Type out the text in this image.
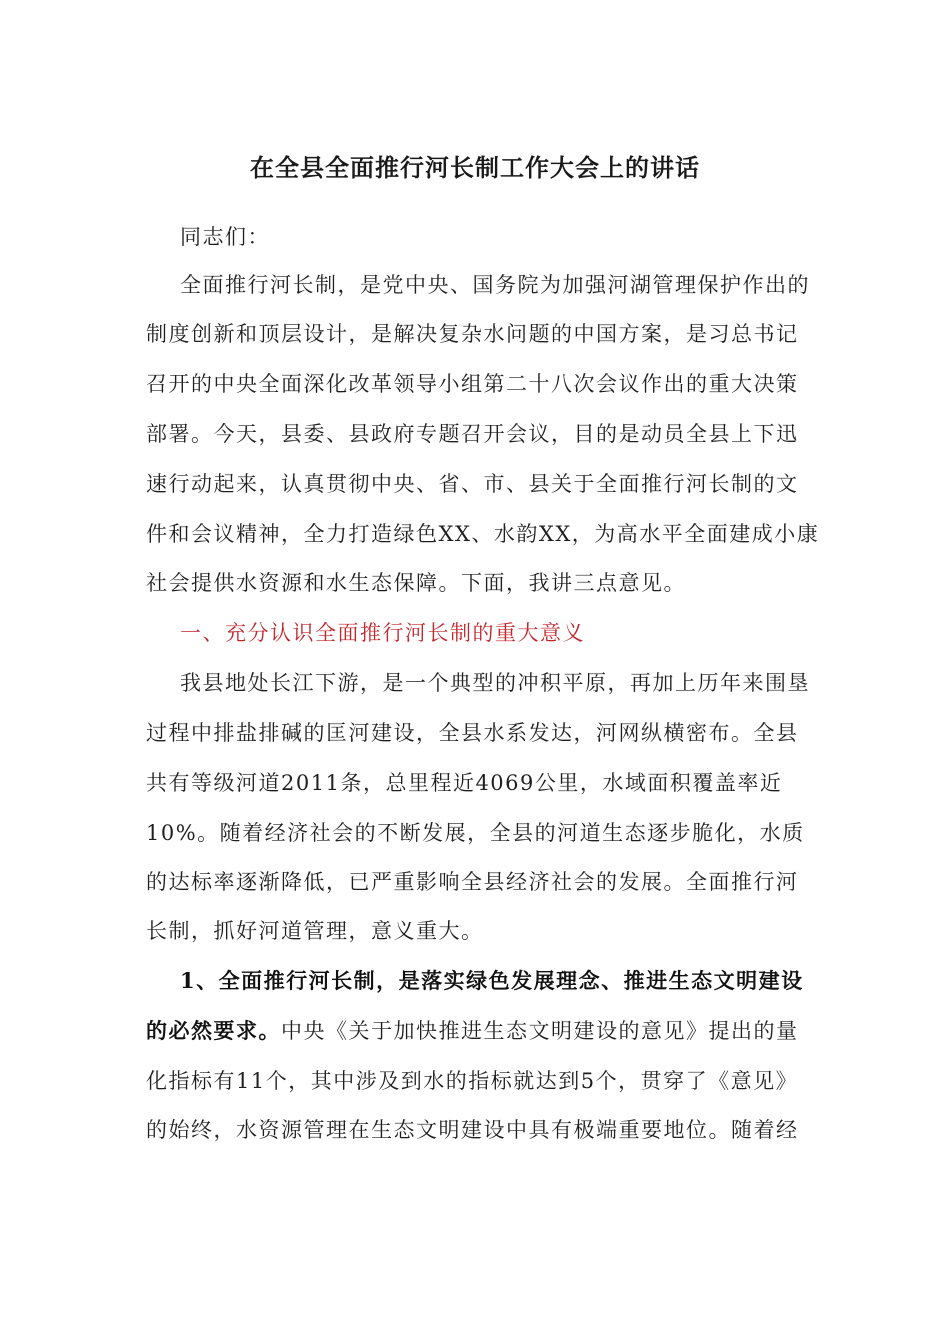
在全县全面推行河长制工作大会上的讲话
同志们：
全面推行河长制，是党中央、国务院为加强河湖管理保护作出的
制度创新和顶层设计，是解决复杂水问题的中国方案，是习总书记
召开的中央全面深化改革领导小组第二十八次会议作出的重大决策
部署。今天，县委、县政府专题召开会议，目的是动员全县上下迅
速行动起来，认真贯彻中央、省、市、县关于全面推行河长制的文
件和会议精神，全力打造绿色XX、水韵XX，为高水平全面建成小康
社会提供水资源和水生态保障。下面，我讲三点意见。
一、充分认识全面推行河长制的重大意义
我县地处长江下游，是一个典型的冲积平原，再加上历年来围垦
过程中排盐排碱的匡河建设，全县水系发达，河网纵横密布。全县
共有等级河道2011条，总里程近4069公里，水域面积覆盖率近
10%。随着经济社会的不断发展，全县的河道生态逐步脆化，水质
的达标率逐渐降低，已严重影响全县经济社会的发展。全面推行河
长制，抓好河道管理，意义重大。
1、全面推行河长制，是落实绿色发展理念、推进生态文明建设
的必然要求。中央《关于加快推进生态文明建设的意见》提出的量
化指标有11个，其中涉及到水的指标就达到5个，贯穿了《意见》
的始终，水资源管理在生态文明建设中具有极端重要地位。随着经
